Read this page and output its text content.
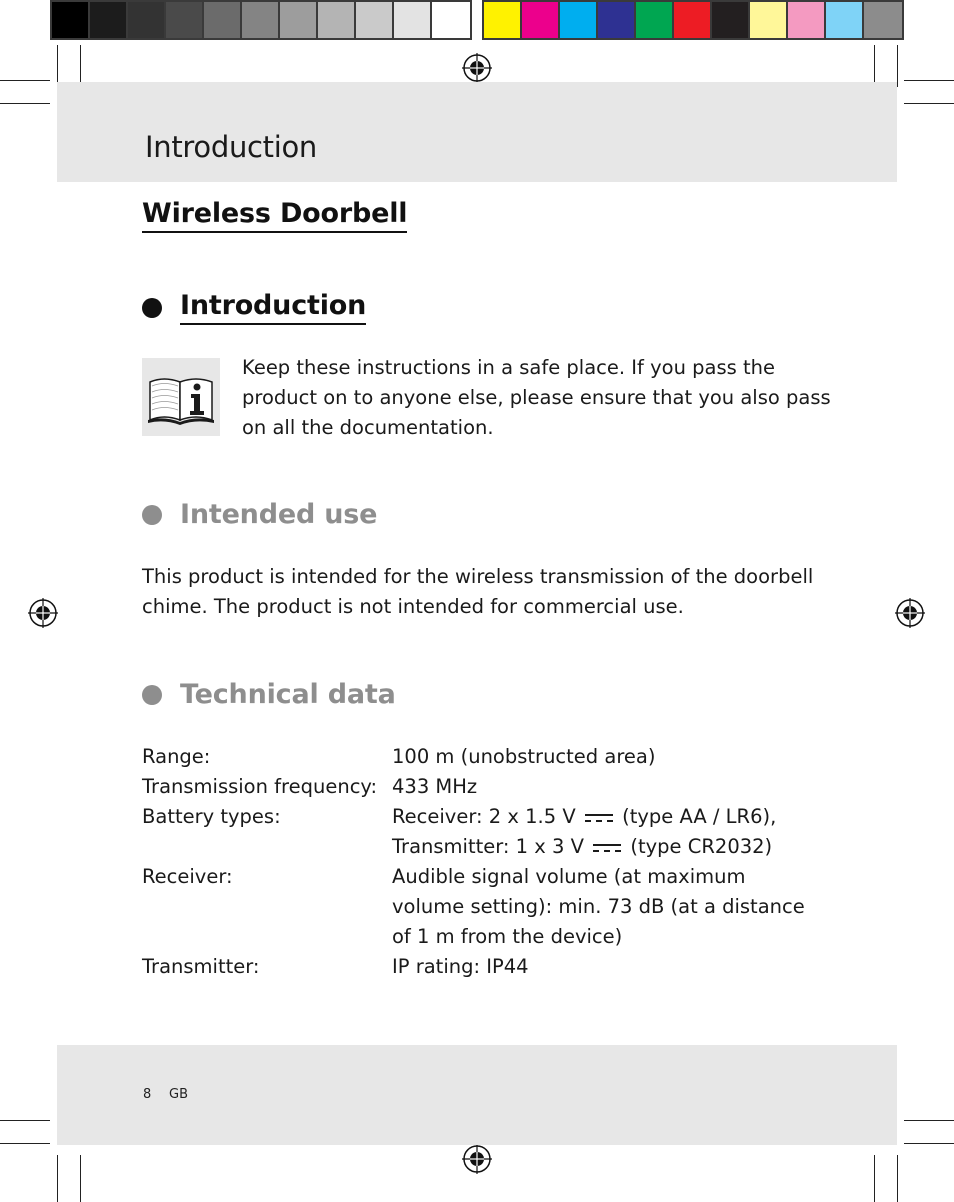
Introduction
Wireless Doorbell
Introduction

Keep these instructions in a safe place. If you pass the product on to anyone else, please ensure that you also pass on all the documentation.

Intended use

This product is intended for the wireless transmission of the doorbell chime. The product is not intended for commercial use.

Technical data
Range:	100 m (unobstructed area)
Transmission frequency:	433 MHz
Battery types:	Receiver: 2 x 1.5 V (type AA / LR6),
Transmitter: 1 x 3 V (type CR2032)

Receiver:	Audible signal volume (at maximum volume setting): min. 73 dB (at a distance of 1 m from the device)
Transmitter:	IP rating: IP44
8 GB
